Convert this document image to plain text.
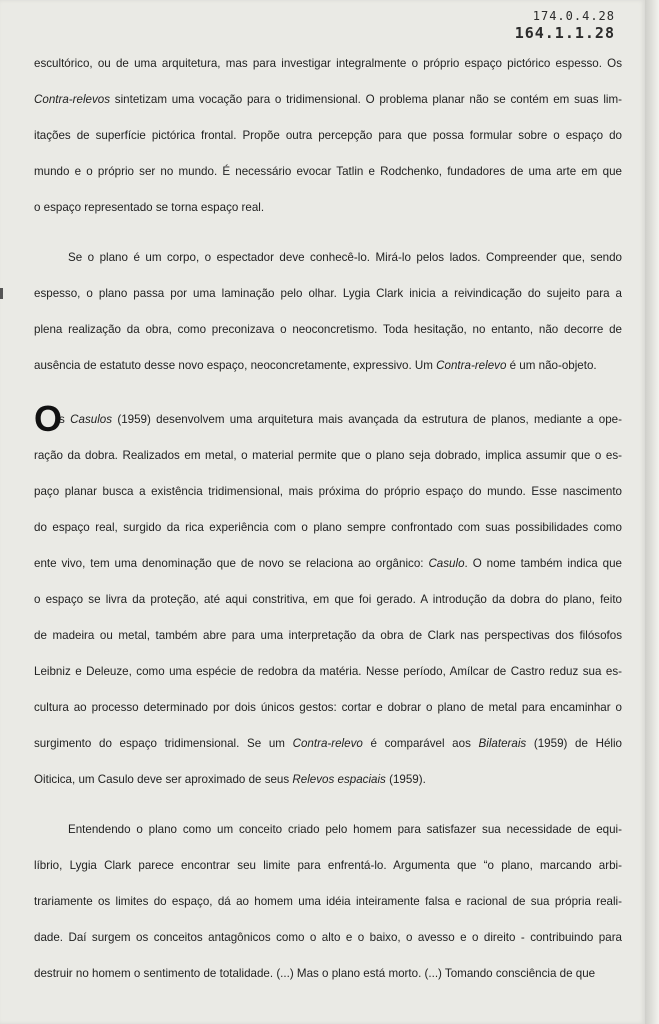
174.0.4.28
164.1.1.28
escultórico, ou de uma arquitetura, mas para investigar integralmente o próprio espaço pictórico espesso. Os
Contra-relevos sintetizam uma vocação para o tridimensional. O problema planar não se contém em suas lim-
itações de superfície pictórica frontal. Propõe outra percepção para que possa formular sobre o espaço do
mundo e o próprio ser no mundo. É necessário evocar Tatlin e Rodchenko, fundadores de uma arte em que
o espaço representado se torna espaço real.
Se o plano é um corpo, o espectador deve conhecê-lo. Mirá-lo pelos lados. Compreender que, sendo
espesso, o plano passa por uma laminação pelo olhar. Lygia Clark inicia a reivindicação do sujeito para a
plena realização da obra, como preconizava o neoconcretismo. Toda hesitação, no entanto, não decorre de
ausência de estatuto desse novo espaço, neoconcretamente, expressivo. Um Contra-relevo é um não-objeto.
O
s Casulos (1959) desenvolvem uma arquitetura mais avançada da estrutura de planos, mediante a ope-
ração da dobra. Realizados em metal, o material permite que o plano seja dobrado, implica assumir que o es-
paço planar busca a existência tridimensional, mais próxima do próprio espaço do mundo. Esse nascimento
do espaço real, surgido da rica experiência com o plano sempre confrontado com suas possibilidades como
ente vivo, tem uma denominação que de novo se relaciona ao orgânico: Casulo. O nome também indica que
o espaço se livra da proteção, até aqui constritiva, em que foi gerado. A introdução da dobra do plano, feito
de madeira ou metal, também abre para uma interpretação da obra de Clark nas perspectivas dos filósofos
Leibniz e Deleuze, como uma espécie de redobra da matéria. Nesse período, Amílcar de Castro reduz sua es-
cultura ao processo determinado por dois únicos gestos: cortar e dobrar o plano de metal para encaminhar o
surgimento do espaço tridimensional. Se um Contra-relevo é comparável aos Bilaterais (1959) de Hélio
Oiticica, um Casulo deve ser aproximado de seus Relevos espaciais (1959).
Entendendo o plano como um conceito criado pelo homem para satisfazer sua necessidade de equi-
líbrio, Lygia Clark parece encontrar seu limite para enfrentá-lo. Argumenta que “o plano, marcando arbi-
trariamente os limites do espaço, dá ao homem uma idéia inteiramente falsa e racional de sua própria reali-
dade. Daí surgem os conceitos antagônicos como o alto e o baixo, o avesso e o direito - contribuindo para
destruir no homem o sentimento de totalidade. (...) Mas o plano está morto. (...) Tomando consciência de que
